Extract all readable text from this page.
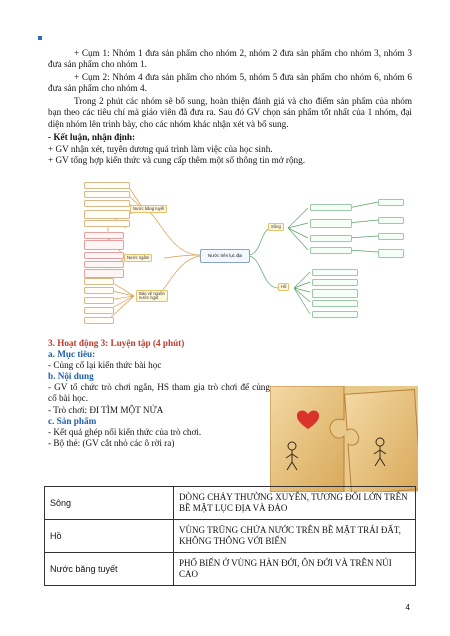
+ Cụm 1: Nhóm 1 đưa sản phẩm cho nhóm 2, nhóm 2 đưa sản phẩm cho nhóm 3, nhóm 3 đưa sản phẩm cho nhóm 1.
+ Cụm 2: Nhóm 4 đưa sản phẩm cho nhóm 5, nhóm 5 đưa sản phẩm cho nhóm 6, nhóm 6 đưa sản phẩm cho nhóm 4.
Trong 2 phút các nhóm sẽ bổ sung, hoàn thiện đánh giá và cho điểm sản phẩm của nhóm bạn theo các tiêu chí mà giáo viên đã đưa ra. Sau đó GV chọn sản phẩm tốt nhất của 1 nhóm, đại diện nhóm lên trình bày, cho các nhóm khác nhận xét và bổ sung.
- Kết luận, nhận định:
+ GV nhận xét, tuyên dương quá trình làm việc của học sinh.
+ GV tổng hợp kiến thức và cung cấp thêm một số thông tin mở rộng.
Nước trên lục địa
Nước băng tuyết
Nước ngầm
Bảo vệ nguồn nước ngọt
Sông
Hồ
3. Hoạt động 3: Luyện tập (4 phút)
a. Mục tiêu:
- Củng cố lại kiến thức bài học
b. Nội dung
- GV tổ chức trò chơi ngắn, HS tham gia trò chơi để củng cố bài học.
- Trò chơi: ĐI TÌM MỘT NỬA
c. Sản phẩm
- Kết quả ghép nối kiến thức của trò chơi.
- Bộ thẻ: (GV cắt nhỏ các ô rời ra)
Sông	DÒNG CHẢY THƯỜNG XUYÊN, TƯƠNG ĐỐI LỚN TRÊN BỀ MẶT LỤC ĐỊA VÀ ĐẢO
Hồ	VÙNG TRŨNG CHỨA NƯỚC TRÊN BỀ MẶT TRÁI ĐẤT, KHÔNG THÔNG VỚI BIỂN
Nước băng tuyết	PHỔ BIẾN Ở VÙNG HÀN ĐỚI, ÔN ĐỚI VÀ TRÊN NÚI CAO
4
